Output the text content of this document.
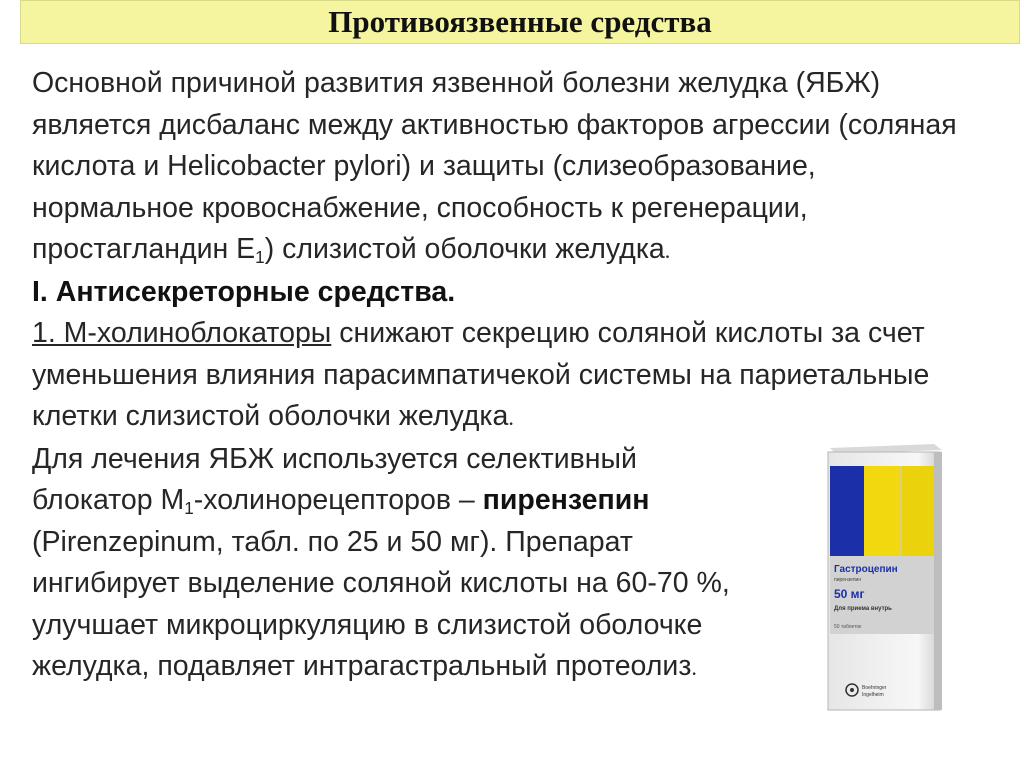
Противоязвенные средства

Основной причиной развития язвенной болезни желудка (ЯБЖ) является дисбаланс между активностью факторов агрессии (соляная кислота и Helicobacter pylori) и защиты (слизеобразование, нормальное кровоснабжение, способность к регенерации, простагландин $E_1$) слизистой оболочки желудка.

I. Антисекреторные средства.

1. М-холиноблокаторы снижают секрецию соляной кислоты за счет уменьшения влияния парасимпатичекой системы на париетальные клетки слизистой оболочки желудка.

Для лечения ЯБЖ используется селективный блокатор $М_1$-холинорецепторов – пирензепин (Pirenzepinum, табл. по 25 и 50 мг). Препарат ингибирует выделение соляной кислоты на 60-70 %, улучшает микроциркуляцию в слизистой оболочке желудка, подавляет интрагастральный протеолиз.

Гастроцепин
пирензепин
50 мг
Для приема внутрь
50 таблеток
Boehringer
Ingelheim
